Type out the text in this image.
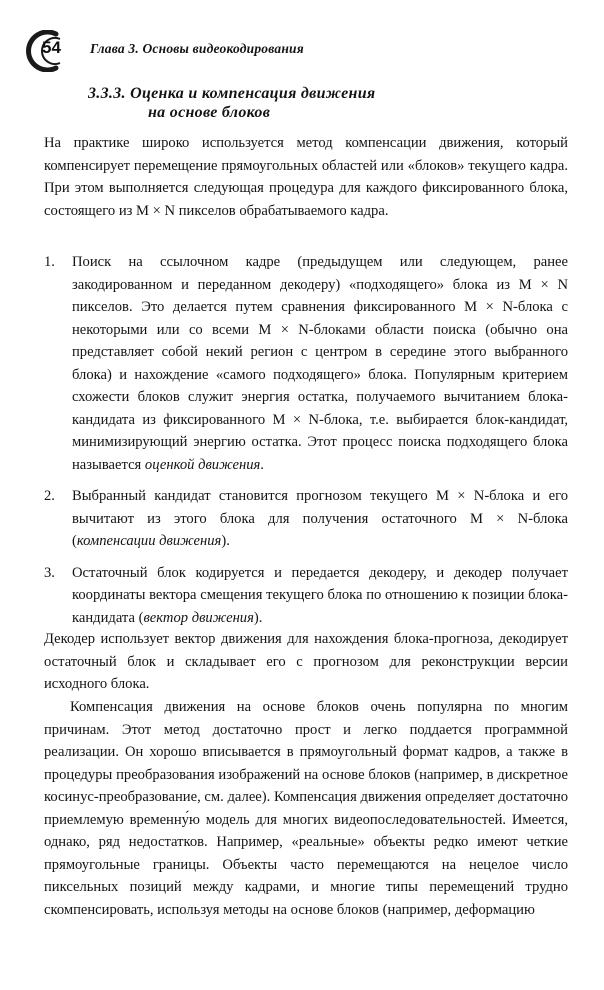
54 Глава 3. Основы видеокодирования
3.3.3. Оценка и компенсация движения
на основе блоков

На практике широко используется метод компенсации движения, который компенсирует перемещение прямоугольных областей или «блоков» текущего кадра. При этом выполняется следующая процедура для каждого фиксированного блока, состоящего из M × N пикселов обрабатываемого кадра.

1. Поиск на ссылочном кадре (предыдущем или следующем, ранее закодированном и переданном декодеру) «подходящего» блока из M × N пикселов. Это делается путем сравнения фиксированного M × N-блока с некоторыми или со всеми M × N-блоками области поиска (обычно она представляет собой некий регион с центром в середине этого выбранного блока) и нахождение «самого подходящего» блока. Популярным критерием схожести блоков служит энергия остатка, получаемого вычитанием блока-кандидата из фиксированного M × N-блока, т.е. выбирается блок-кандидат, минимизирующий энергию остатка. Этот процесс поиска подходящего блока называется оценкой движения.
2. Выбранный кандидат становится прогнозом текущего M × N-блока и его вычитают из этого блока для получения остаточного M × N-блока (компенсации движения).
3. Остаточный блок кодируется и передается декодеру, и декодер получает координаты вектора смещения текущего блока по отношению к позиции блока-кандидата (вектор движения).

Декодер использует вектор движения для нахождения блока-прогноза, декодирует остаточный блок и складывает его с прогнозом для реконструкции версии исходного блока.

Компенсация движения на основе блоков очень популярна по многим причинам. Этот метод достаточно прост и легко поддается программной реализации. Он хорошо вписывается в прямоугольный формат кадров, а также в процедуры преобразования изображений на основе блоков (например, в дискретное косинус-преобразование, см. далее). Компенсация движения определяет достаточно приемлемую временну́ю модель для многих видеопоследовательностей. Имеется, однако, ряд недостатков. Например, «реальные» объекты редко имеют четкие прямоугольные границы. Объекты часто перемещаются на нецелое число пиксельных позиций между кадрами, и многие типы перемещений трудно скомпенсировать, используя методы на основе блоков (например, деформацию
